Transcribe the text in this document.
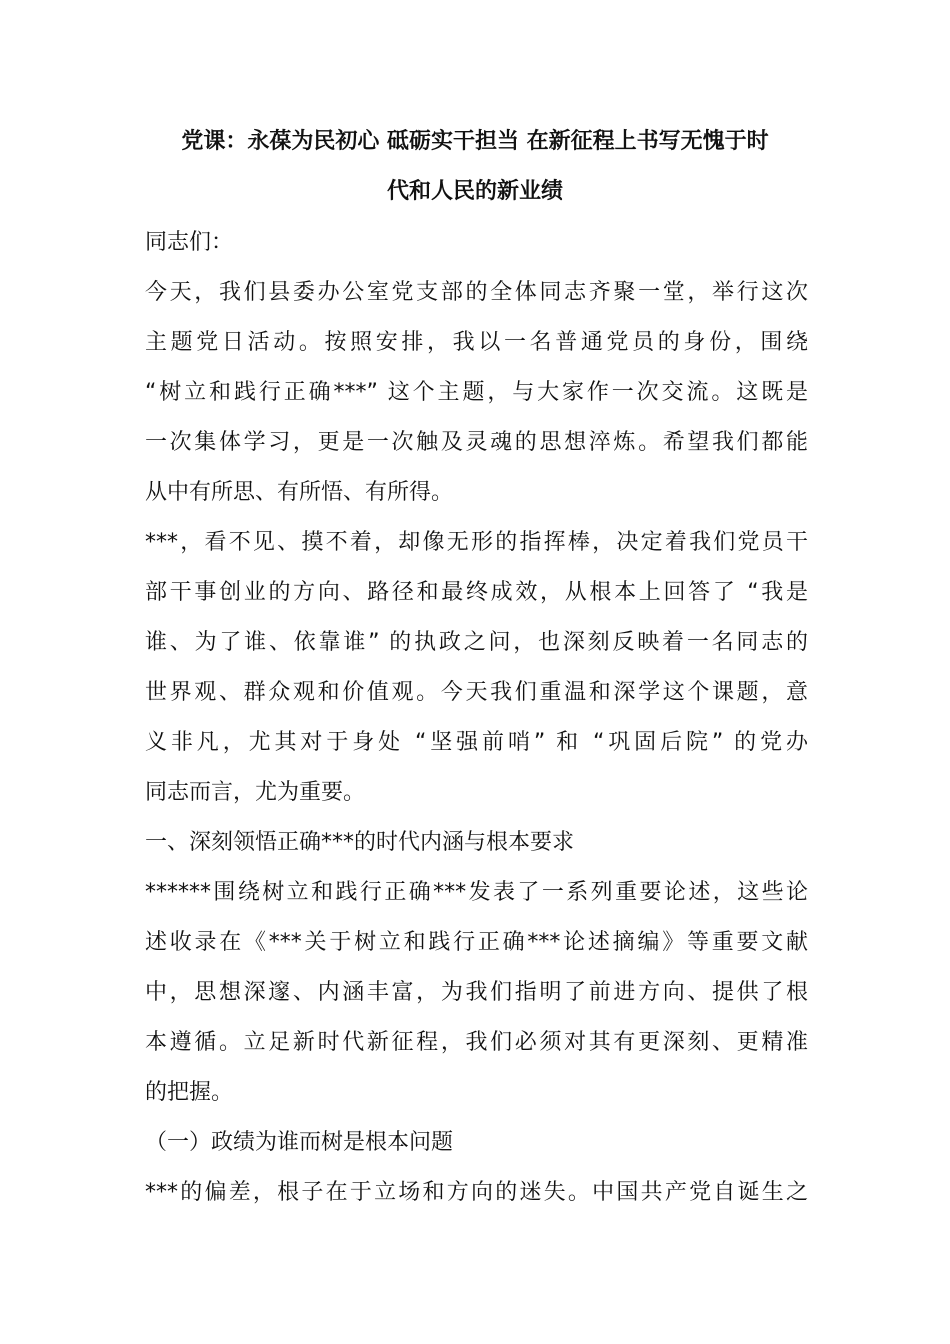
党课：永葆为民初心 砥砺实干担当 在新征程上书写无愧于时
代和人民的新业绩
同志们：
今天，我们县委办公室党支部的全体同志齐聚一堂，举行这次
主题党日活动。按照安排，我以一名普通党员的身份，围绕
“树立和践行正确***” 这个主题，与大家作一次交流。这既是
一次集体学习，更是一次触及灵魂的思想淬炼。希望我们都能
从中有所思、有所悟、有所得。
***，看不见、摸不着，却像无形的指挥棒，决定着我们党员干
部干事创业的方向、路径和最终成效，从根本上回答了 “我是
谁、为了谁、依靠谁” 的执政之问，也深刻反映着一名同志的
世界观、群众观和价值观。今天我们重温和深学这个课题，意
义非凡，尤其对于身处 “坚强前哨” 和 “巩固后院” 的党办
同志而言，尤为重要。
一、深刻领悟正确***的时代内涵与根本要求
******围绕树立和践行正确***发表了一系列重要论述，这些论
述收录在《***关于树立和践行正确***论述摘编》等重要文献
中，思想深邃、内涵丰富，为我们指明了前进方向、提供了根
本遵循。立足新时代新征程，我们必须对其有更深刻、更精准
的把握。
（一）政绩为谁而树是根本问题
***的偏差，根子在于立场和方向的迷失。中国共产党自诞生之
